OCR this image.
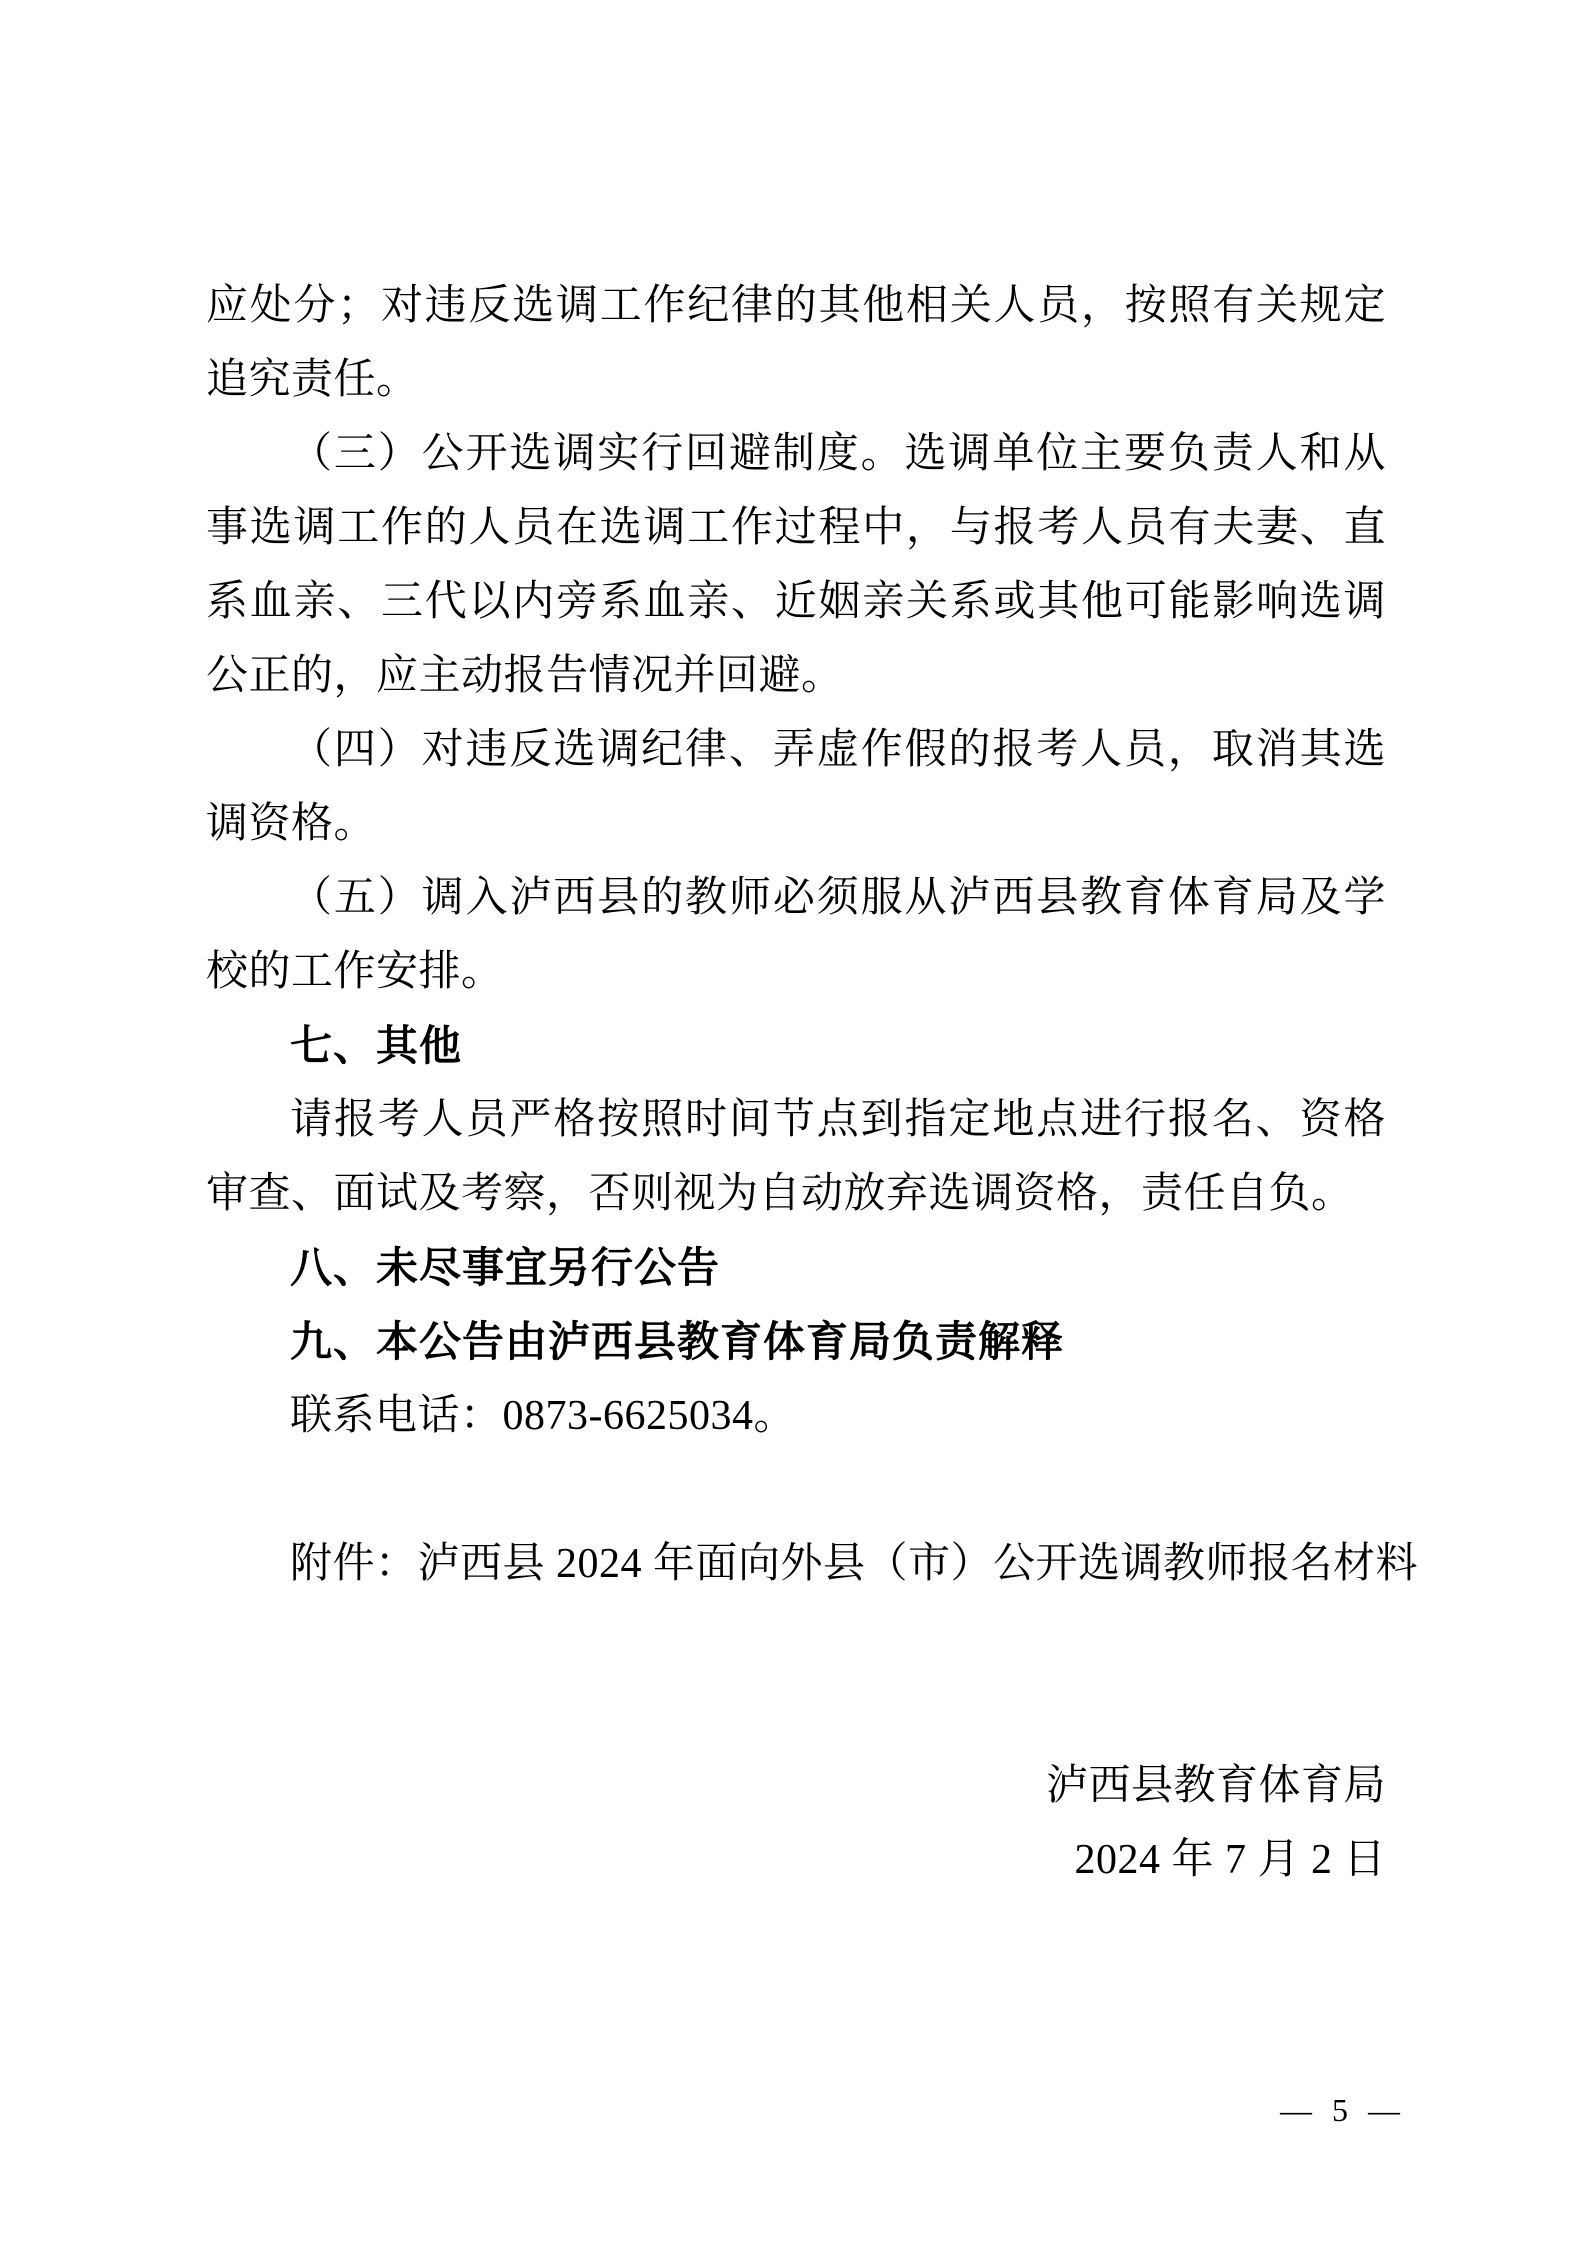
应处分；对违反选调工作纪律的其他相关人员，按照有关规定追究责任。

（三）公开选调实行回避制度。选调单位主要负责人和从事选调工作的人员在选调工作过程中，与报考人员有夫妻、直系血亲、三代以内旁系血亲、近姻亲关系或其他可能影响选调公正的，应主动报告情况并回避。

（四）对违反选调纪律、弄虚作假的报考人员，取消其选调资格。

（五）调入泸西县的教师必须服从泸西县教育体育局及学校的工作安排。

七、其他

请报考人员严格按照时间节点到指定地点进行报名、资格审查、面试及考察，否则视为自动放弃选调资格，责任自负。

八、未尽事宜另行公告

九、本公告由泸西县教育体育局负责解释

联系电话：0873-6625034。

附件：泸西县 2024 年面向外县（市）公开选调教师报名材料

泸西县教育体育局

2024 年 7 月 2 日

— 5 —
